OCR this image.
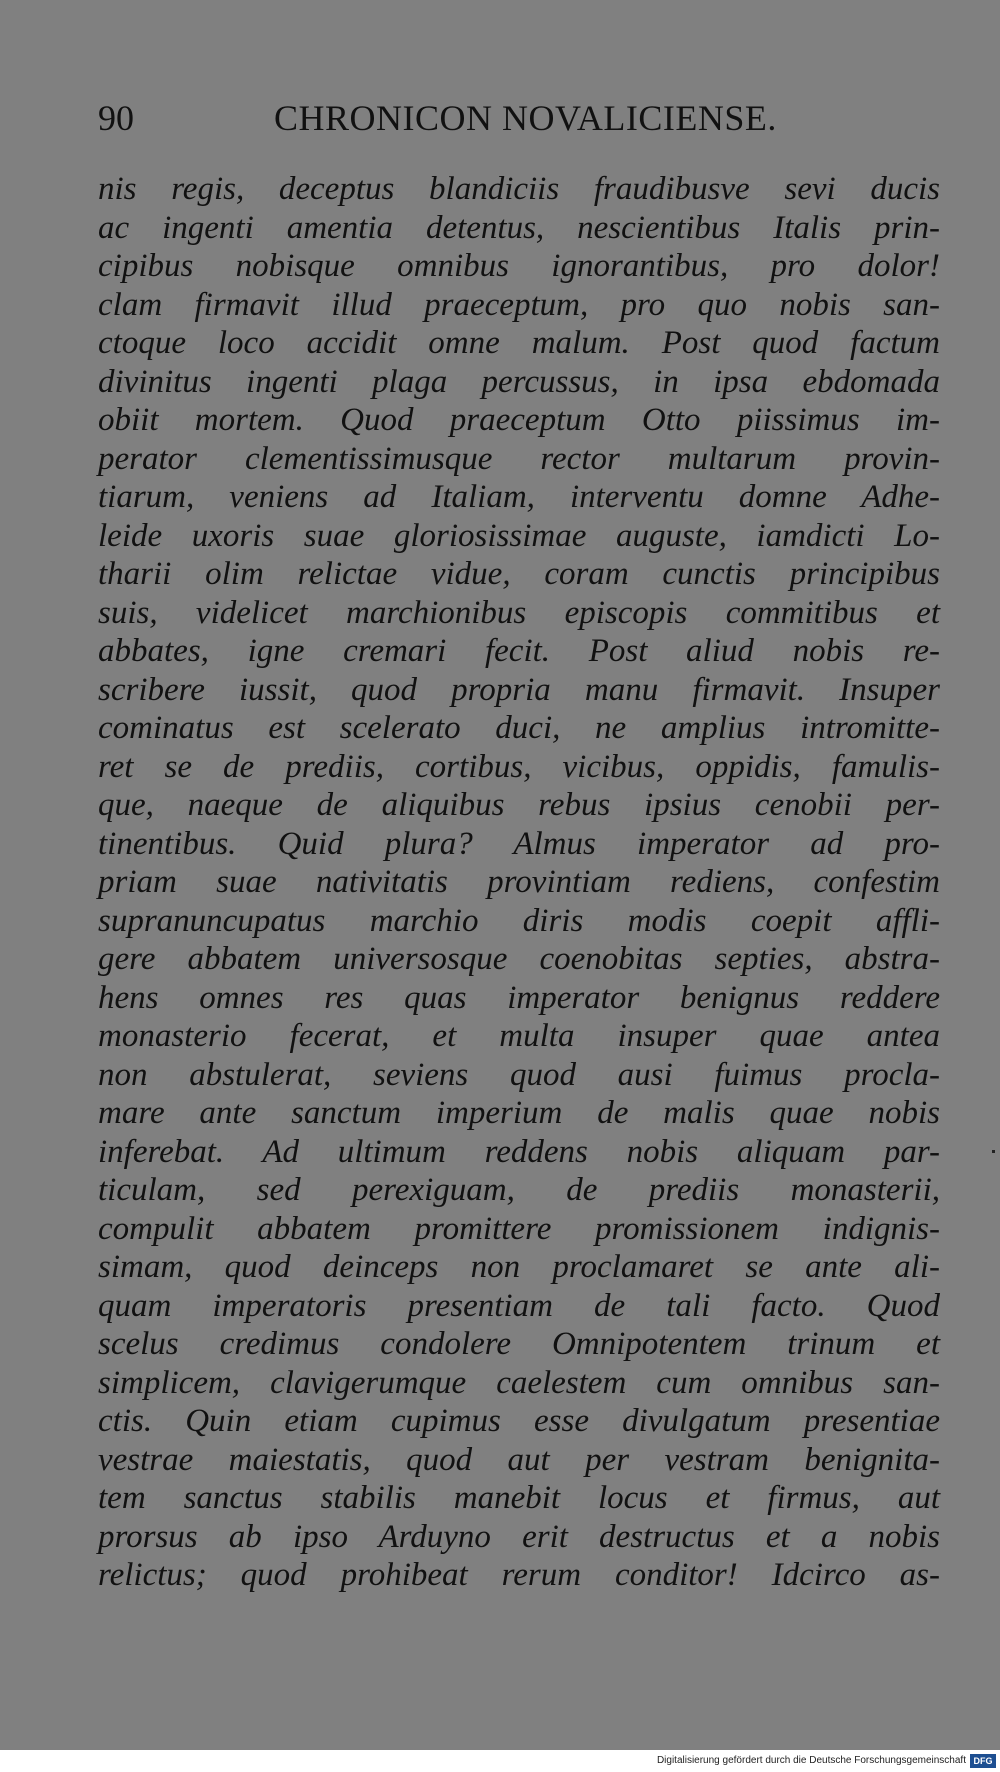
90	CHRONICON NOVALICIENSE.
nis regis, deceptus blandiciis fraudibusve sevi ducis
ac ingenti amentia detentus, nescientibus Italis prin-
cipibus nobisque omnibus ignorantibus, pro dolor!
clam firmavit illud praeceptum, pro quo nobis san-
ctoque loco accidit omne malum. Post quod factum
divinitus ingenti plaga percussus, in ipsa ebdomada
obiit mortem. Quod praeceptum Otto piissimus im-
perator clementissimusque rector multarum provin-
tiarum, veniens ad Italiam, interventu domne Adhe-
leide uxoris suae gloriosissimae auguste, iamdicti Lo-
tharii olim relictae vidue, coram cunctis principibus
suis, videlicet marchionibus episcopis commitibus et
abbates, igne cremari fecit. Post aliud nobis re-
scribere iussit, quod propria manu firmavit. Insuper
cominatus est scelerato duci, ne amplius intromitte-
ret se de prediis, cortibus, vicibus, oppidis, famulis-
que, naeque de aliquibus rebus ipsius cenobii per-
tinentibus. Quid plura? Almus imperator ad pro-
priam suae nativitatis provintiam rediens, confestim
supranuncupatus marchio diris modis coepit affli-
gere abbatem universosque coenobitas septies, abstra-
hens omnes res quas imperator benignus reddere
monasterio fecerat, et multa insuper quae antea
non abstulerat, seviens quod ausi fuimus procla-
mare ante sanctum imperium de malis quae nobis
inferebat. Ad ultimum reddens nobis aliquam par-
ticulam, sed perexiguam, de prediis monasterii,
compulit abbatem promittere promissionem indignis-
simam, quod deinceps non proclamaret se ante ali-
quam imperatoris presentiam de tali facto. Quod
scelus credimus condolere Omnipotentem trinum et
simplicem, clavigerumque caelestem cum omnibus san-
ctis. Quin etiam cupimus esse divulgatum presentiae
vestrae maiestatis, quod aut per vestram benignita-
tem sanctus stabilis manebit locus et firmus, aut
prorsus ab ipso Arduyno erit destructus et a nobis
relictus; quod prohibeat rerum conditor! Idcirco as-
Digitalisierung gefördert durch die Deutsche Forschungsgemeinschaft DFG
